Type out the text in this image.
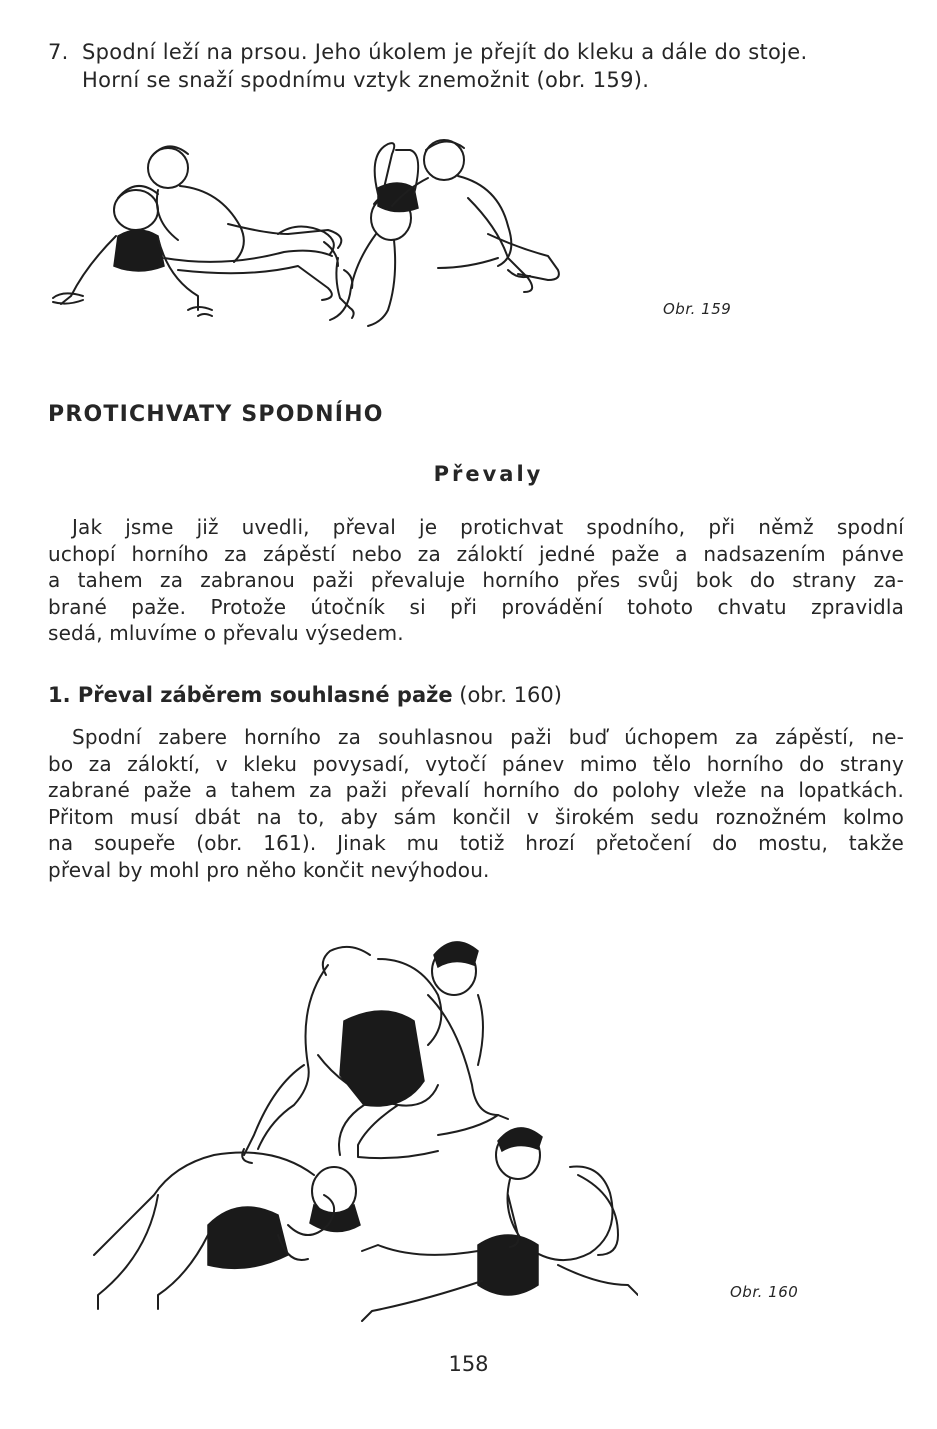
7. Spodní leží na prsou. Jeho úkolem je přejít do kleku a dále do stoje.
Horní se snaží spodnímu vztyk znemožnit (obr. 159).
Obr. 159
PROTICHVATY SPODNÍHO
Převaly
Jak jsme již uvedli, převal je protichvat spodního, při němž spodní
uchopí horního za zápěstí nebo za záloktí jedné paže a nadsazením pánve
a tahem za zabranou paži převaluje horního přes svůj bok do strany za-
brané paže. Protože útočník si při provádění tohoto chvatu zpravidla
sedá, mluvíme o převalu výsedem.
1. Převal záběrem souhlasné paže (obr. 160)
Spodní zabere horního za souhlasnou paži buď úchopem za zápěstí, ne-
bo za záloktí, v kleku povysadí, vytočí pánev mimo tělo horního do strany
zabrané paže a tahem za paži převalí horního do polohy vleže na lopatkách.
Přitom musí dbát na to, aby sám končil v širokém sedu roznožném kolmo
na soupeře (obr. 161). Jinak mu totiž hrozí přetočení do mostu, takže
převal by mohl pro něho končit nevýhodou.
Obr. 160
158
